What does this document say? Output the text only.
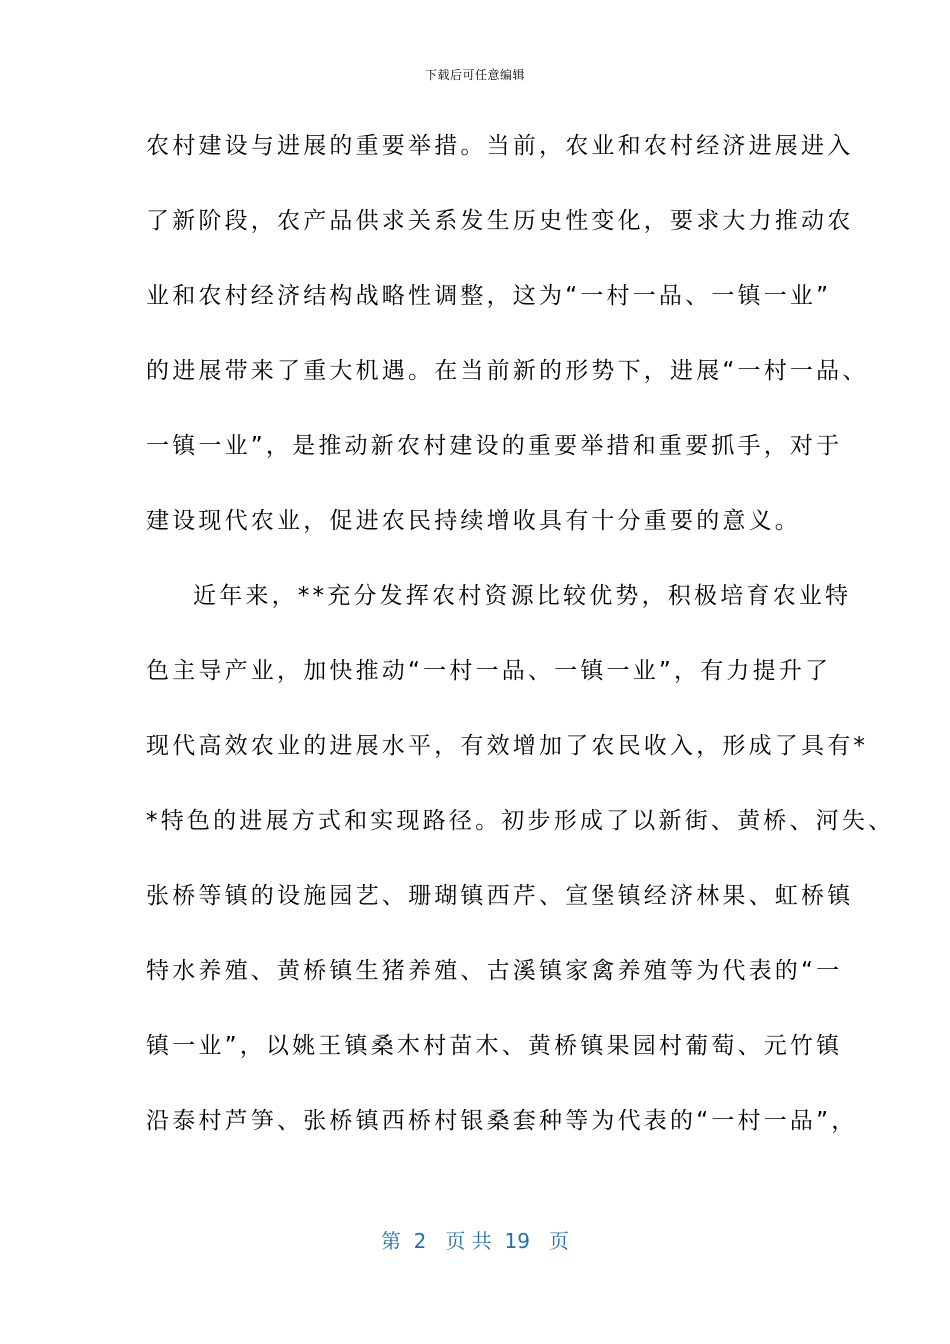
下载后可任意编辑
农村建设与进展的重要举措。当前，农业和农村经济进展进入
了新阶段，农产品供求关系发生历史性变化，要求大力推动农
业和农村经济结构战略性调整，这为“一村一品、一镇一业”
的进展带来了重大机遇。在当前新的形势下，进展“一村一品、
一镇一业”，是推动新农村建设的重要举措和重要抓手，对于
建设现代农业，促进农民持续增收具有十分重要的意义。
近年来，**充分发挥农村资源比较优势，积极培育农业特
色主导产业，加快推动“一村一品、一镇一业”，有力提升了
现代高效农业的进展水平，有效增加了农民收入，形成了具有*
*特色的进展方式和实现路径。初步形成了以新街、黄桥、河失、
张桥等镇的设施园艺、珊瑚镇西芹、宣堡镇经济林果、虹桥镇
特水养殖、黄桥镇生猪养殖、古溪镇家禽养殖等为代表的“一
镇一业”，以姚王镇桑木村苗木、黄桥镇果园村葡萄、元竹镇
沿泰村芦笋、张桥镇西桥村银桑套种等为代表的“一村一品”，
第  2   页 共  19   页
